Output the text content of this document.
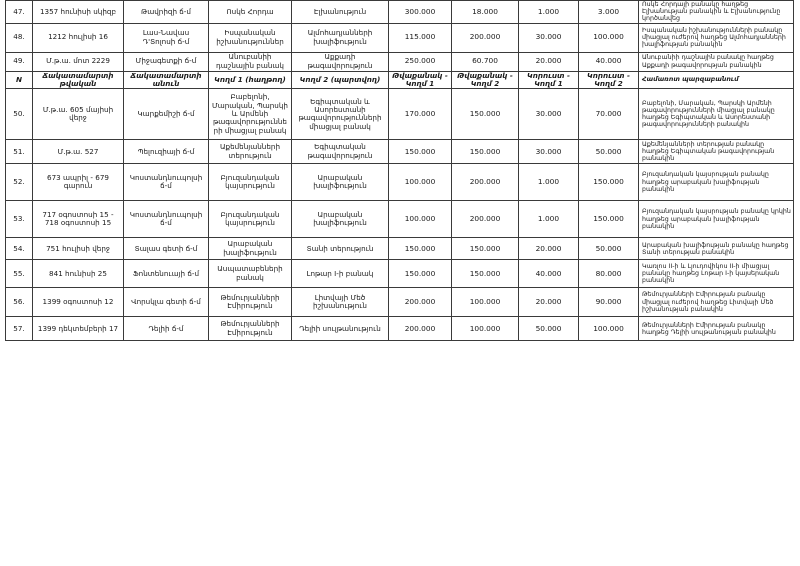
47.	1357 հունիսի սկիզբ	Թավրիզի ճ-մ	Ոսկե Հորդա	Էլխանություն	300.000	18.000	1.000	3.000	Ոսկե Հորդայի բանակը հաղթեց Էլխանության բանակին և Էլխանությունը կործանվեց
48.	1212 հուլիսի 16	Լաս-Նավաս Դ'Տոլոսի ճ-մ	Իսպանական իշխանություններ	Ալմոհադյանների խալիֆություն	115.000	200.000	30.000	100.000	Իսպանական իշխանությունների բանակը միացյալ ուժերով հաղթեց Ալմոհադյանների խալիֆության բանակին
49.	Մ.թ.ա. մոտ 2229	Միջագետքի ճ-մ	Անուբանիի դաշնային բանակ	Աքքադի թագավորություն	250.000	60.700	20.000	40.000	Անուբանիի դաշնային բանակը հաղթեց Աքքադի թագավորության բանակին
N	Ճակատամարտի թվական	Ճակատամարտի անուն	Կողմ 1 (հաղթող)	Կողմ 2 (պարտվող)	Թվաքանակ - Կողմ 1	Թվաքանակ - Կողմ 2	Կորուստ - Կողմ 1	Կորուստ - Կողմ 2	Համառոտ պարզաբանում
50.	Մ.թ.ա. 605 մայիսի վերջ	Կարքեմիշի ճ-մ	Բաբելոնի, Մարական, Պարսկի և Արմենի թագավորությունների միացյալ բանակ	Եգիպտական և Ասորեստանի թագավորությունների միացյալ բանակ	170.000	150.000	30.000	70.000	Բաբելոնի, Մարական, Պարսկի Արմենի թագավորությունների միացյալ բանակը հաղթեց Եգիպտական և Ասորեստանի թագավորությունների բանակին
51.	Մ.թ.ա. 527	Պելուզիայի ճ-մ	Աքեմենյանների տերություն	Եգիպտական թագավորություն	150.000	150.000	30.000	50.000	Աքեմենյանների տերության բանակը հաղթեց Եգիպտական թագավորության բանակին
52.	673 ապրիլ - 679 գարուն	Կոստանդնուպոլսի ճ-մ	Բյուզանդական կայսրություն	Արաբական խալիֆություն	100.000	200.000	1.000	150.000	Բյուզանդական կայսրության բանակը հաղթեց արաբական խալիֆության բանակին
53.	717 օգոստոսի 15 - 718 օգոստոսի 15	Կոստանդնուպոլսի ճ-մ	Բյուզանդական կայսրություն	Արաբական խալիֆություն	100.000	200.000	1.000	150.000	Բյուզանդական կայսրության բանակը կրկին հաղթեց արաբական խալիֆության բանակին
54.	751 հուլիսի վերջ	Տալաս գետի ճ-մ	Արաբական խալիֆություն	Տանի տերություն	150.000	150.000	20.000	50.000	Արաբական խալիֆության բանակը հաղթեց Տանի տերության բանակին
55.	841 հունիսի 25	Ֆոնտենուայի ճ-մ	Ասպատաբեների բանակ	Լոթար I-ի բանակ	150.000	150.000	40.000	80.000	Կառլոս II-ի և Լյուդովիկոս II-ի միացյալ բանակը հաղթեց Լոթար I-ի կայսերական բանակին
56.	1399 օգոստոսի 12	Վորսկլա գետի ճ-մ	Թեմուրյանների Էմիրություն	Լիտվայի Մեծ իշխանություն	200.000	100.000	20.000	90.000	Թեմուրյանների Էմիրության բանակը միացյալ ուժերով հաղթեց Լիտվայի Մեծ իշխանության բանակին
57.	1399 դեկտեմբերի 17	Դելիի ճ-մ	Թեմուրյանների Էմիրություն	Դելիի սուլթանություն	200.000	100.000	50.000	100.000	Թեմուրյանների Էմիրության բանակը հաղթեց Դելիի սուլթանության բանակին
